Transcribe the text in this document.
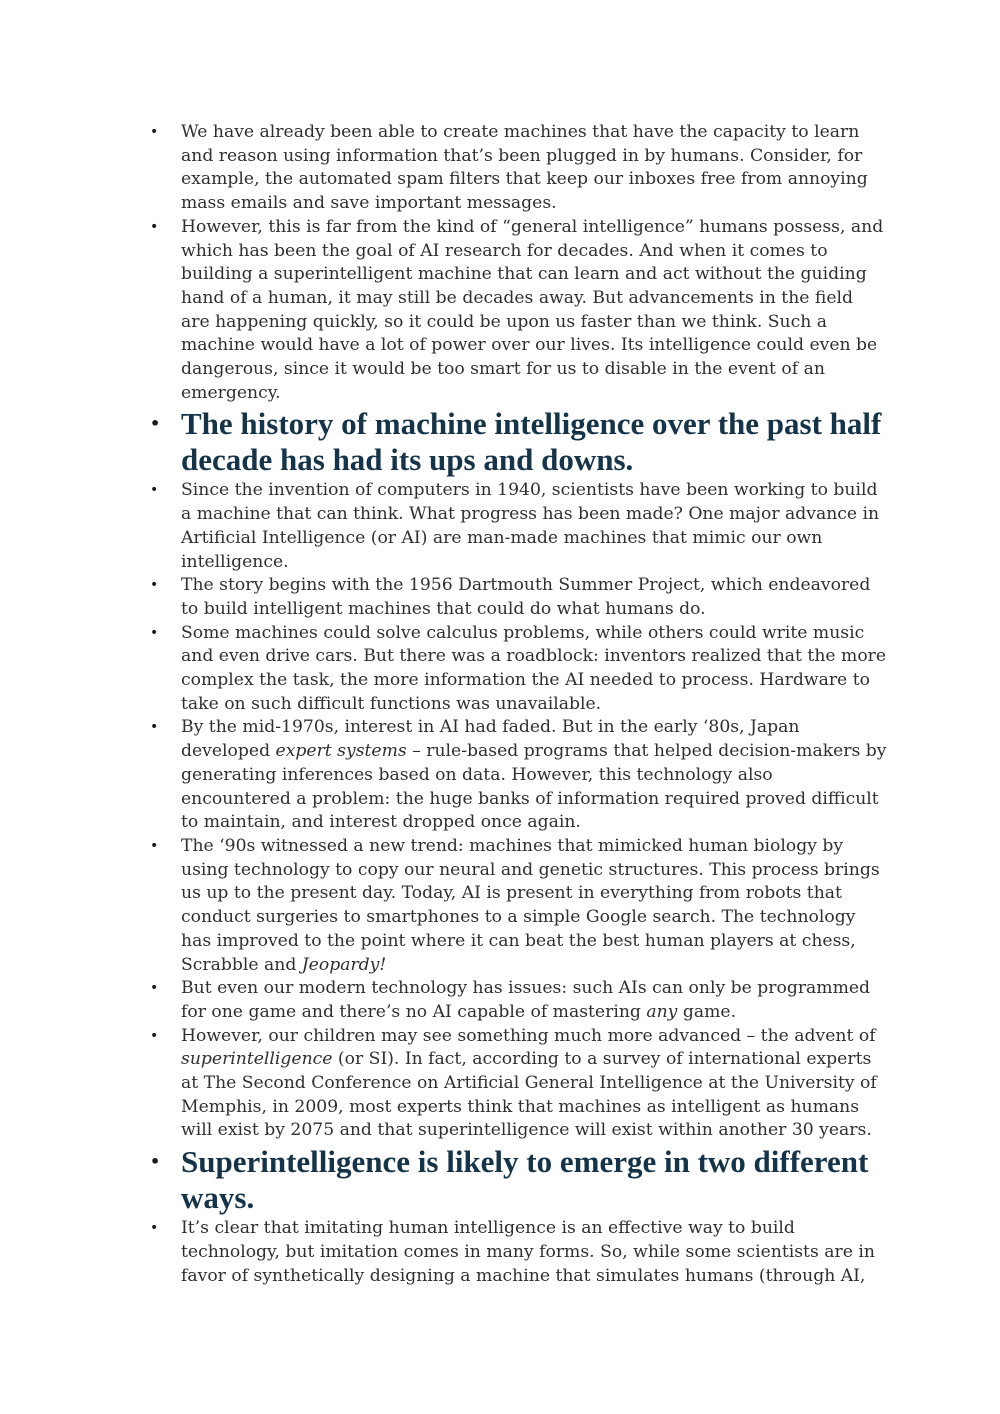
• We have already been able to create machines that have the capacity to learn and reason using information that’s been plugged in by humans. Consider, for example, the automated spam filters that keep our inboxes free from annoying mass emails and save important messages.
• However, this is far from the kind of “general intelligence” humans possess, and which has been the goal of AI research for decades. And when it comes to building a superintelligent machine that can learn and act without the guiding hand of a human, it may still be decades away. But advancements in the field are happening quickly, so it could be upon us faster than we think. Such a machine would have a lot of power over our lives. Its intelligence could even be dangerous, since it would be too smart for us to disable in the event of an emergency.
• The history of machine intelligence over the past half decade has had its ups and downs.
• Since the invention of computers in 1940, scientists have been working to build a machine that can think. What progress has been made? One major advance in Artificial Intelligence (or AI) are man-made machines that mimic our own intelligence.
• The story begins with the 1956 Dartmouth Summer Project, which endeavored to build intelligent machines that could do what humans do.
• Some machines could solve calculus problems, while others could write music and even drive cars. But there was a roadblock: inventors realized that the more complex the task, the more information the AI needed to process. Hardware to take on such difficult functions was unavailable.
• By the mid-1970s, interest in AI had faded. But in the early ‘80s, Japan developed expert systems – rule-based programs that helped decision-makers by generating inferences based on data. However, this technology also encountered a problem: the huge banks of information required proved difficult to maintain, and interest dropped once again.
• The ‘90s witnessed a new trend: machines that mimicked human biology by using technology to copy our neural and genetic structures. This process brings us up to the present day. Today, AI is present in everything from robots that conduct surgeries to smartphones to a simple Google search. The technology has improved to the point where it can beat the best human players at chess, Scrabble and Jeopardy!
• But even our modern technology has issues: such AIs can only be programmed for one game and there’s no AI capable of mastering any game.
• However, our children may see something much more advanced – the advent of superintelligence (or SI). In fact, according to a survey of international experts at The Second Conference on Artificial General Intelligence at the University of Memphis, in 2009, most experts think that machines as intelligent as humans will exist by 2075 and that superintelligence will exist within another 30 years.
• Superintelligence is likely to emerge in two different ways.
• It’s clear that imitating human intelligence is an effective way to build technology, but imitation comes in many forms. So, while some scientists are in favor of synthetically designing a machine that simulates humans (through AI,
